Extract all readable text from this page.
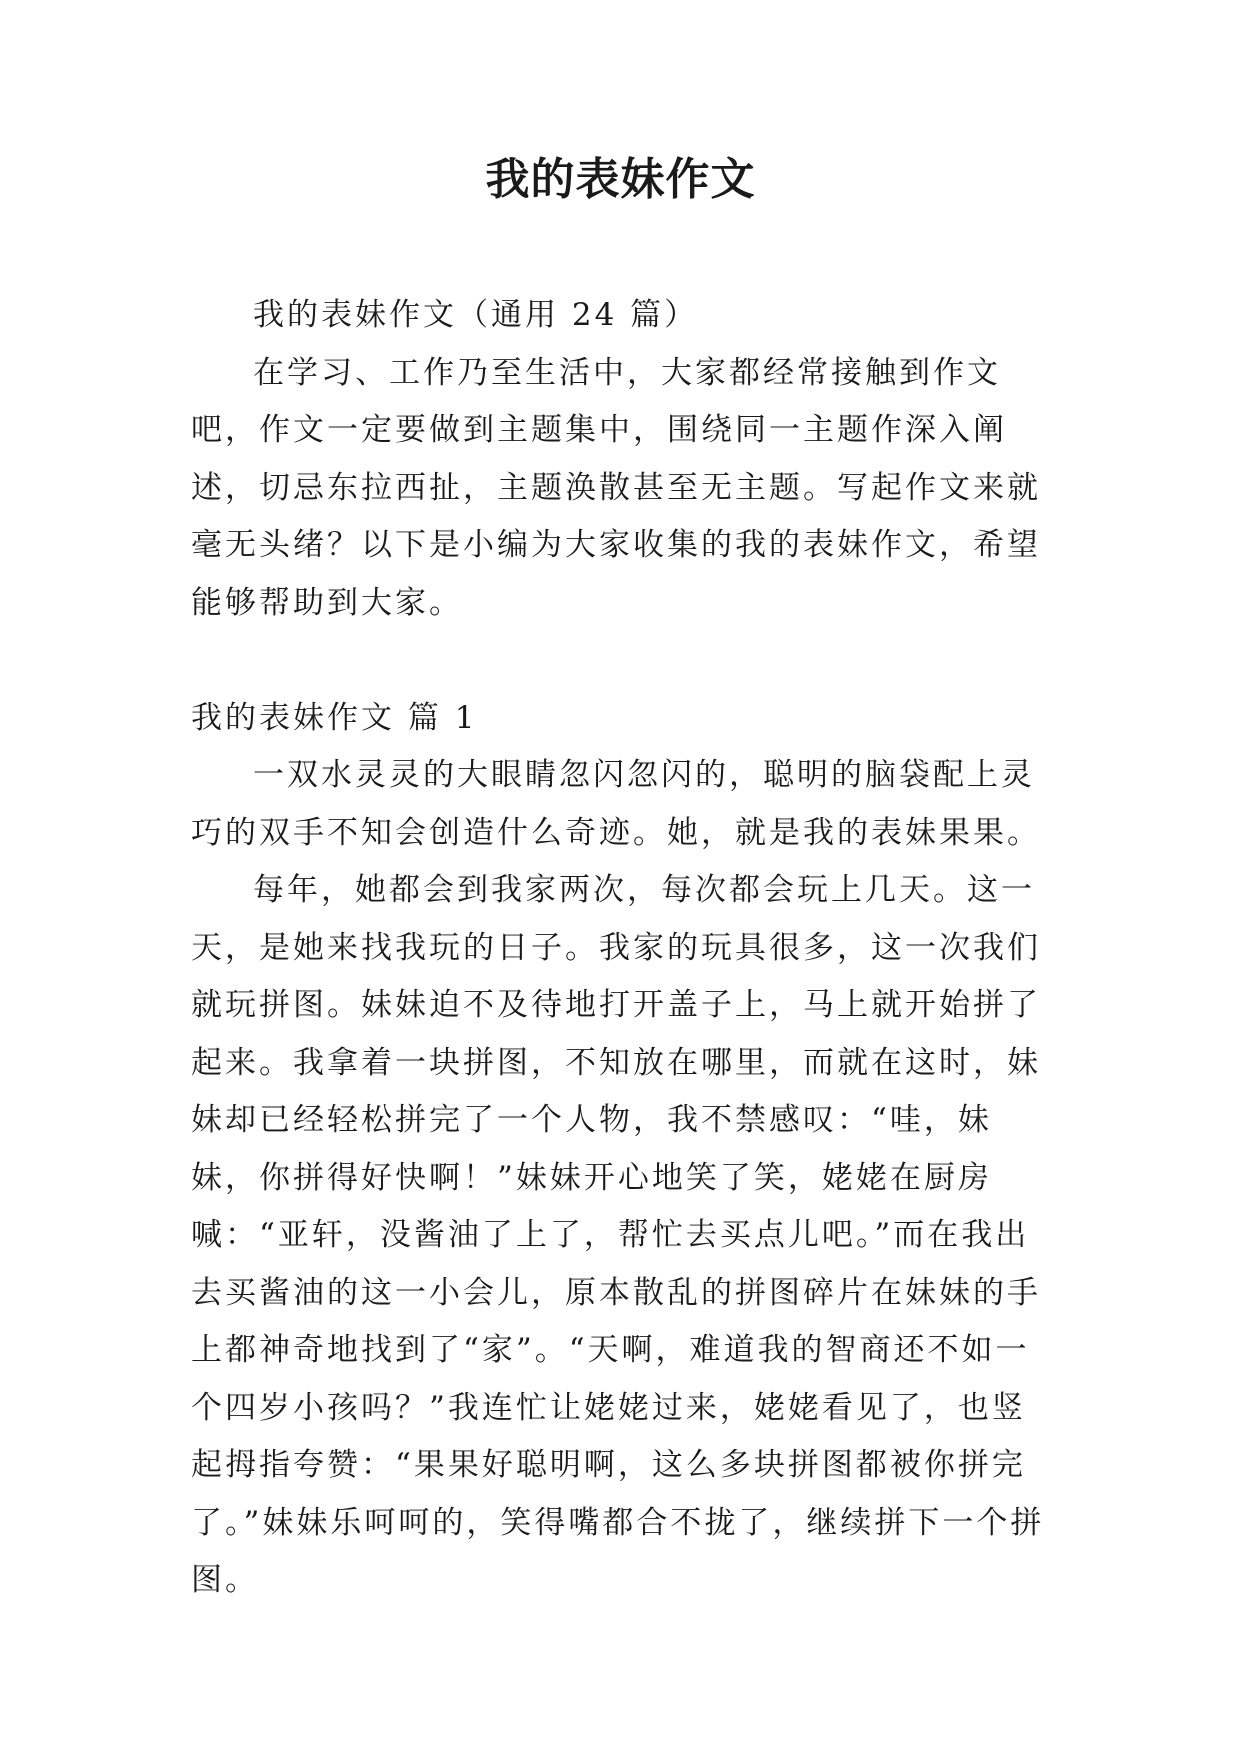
我的表妹作文

我的表妹作文（通用 24 篇）

在学习、工作乃至生活中，大家都经常接触到作文吧，作文一定要做到主题集中，围绕同一主题作深入阐述，切忌东拉西扯，主题涣散甚至无主题。写起作文来就毫无头绪？以下是小编为大家收集的我的表妹作文，希望能够帮助到大家。

我的表妹作文 篇 1

一双水灵灵的大眼睛忽闪忽闪的，聪明的脑袋配上灵巧的双手不知会创造什么奇迹。她，就是我的表妹果果。

每年，她都会到我家两次，每次都会玩上几天。这一天，是她来找我玩的日子。我家的玩具很多，这一次我们就玩拼图。妹妹迫不及待地打开盖子上，马上就开始拼了起来。我拿着一块拼图，不知放在哪里，而就在这时，妹妹却已经轻松拼完了一个人物，我不禁感叹：“哇，妹妹，你拼得好快啊！”妹妹开心地笑了笑，姥姥在厨房喊：“亚轩，没酱油了上了，帮忙去买点儿吧。”而在我出去买酱油的这一小会儿，原本散乱的拼图碎片在妹妹的手上都神奇地找到了“家”。“天啊，难道我的智商还不如一个四岁小孩吗？”我连忙让姥姥过来，姥姥看见了，也竖起拇指夸赞：“果果好聪明啊，这么多块拼图都被你拼完了。”妹妹乐呵呵的，笑得嘴都合不拢了，继续拼下一个拼图。
